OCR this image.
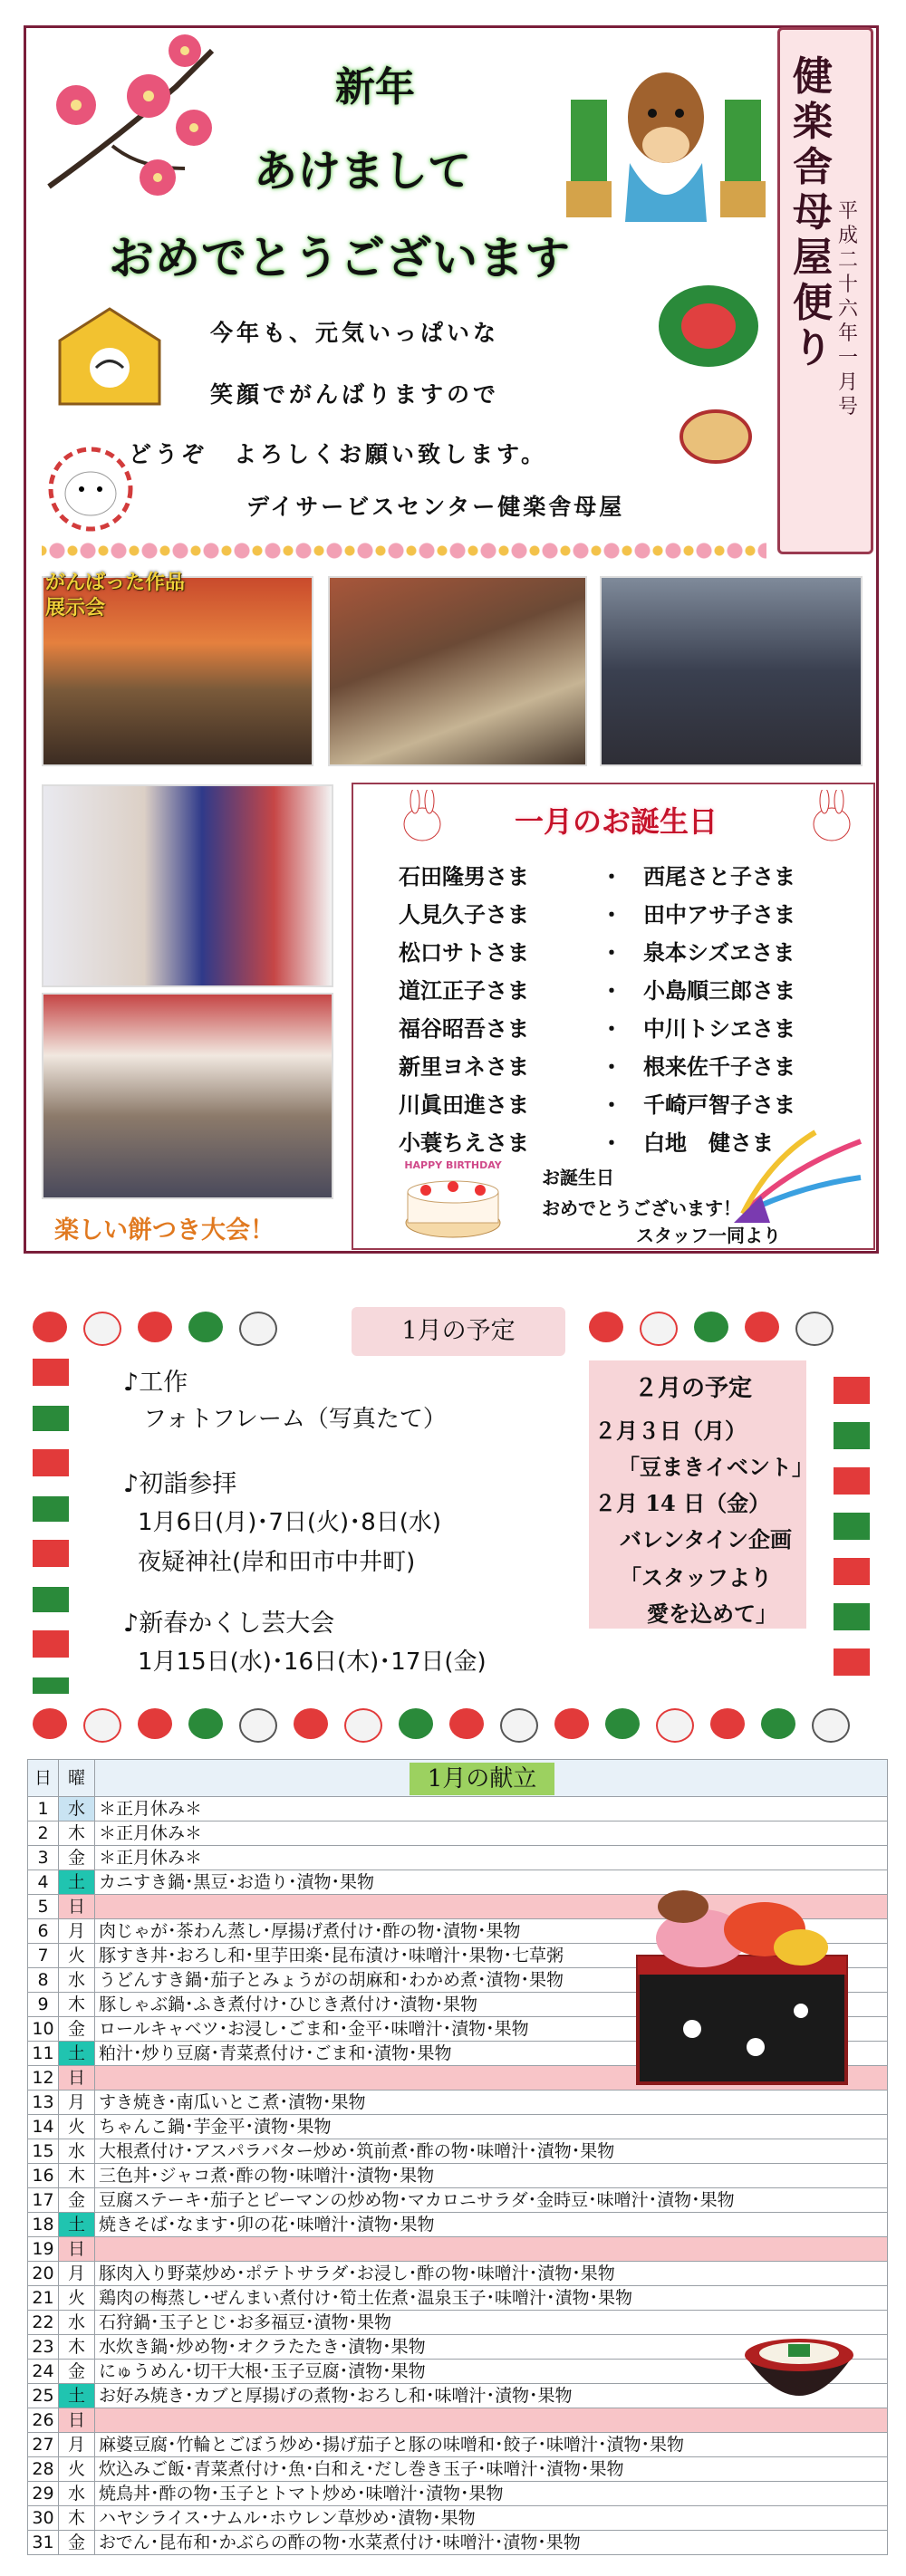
新年
あけまして
おめでとうございます
健楽舎母屋便り
平成二十六年一月号
今年も、元気いっぱいな
笑顔でがんばりますので
どうぞ　よろしくお願い致します。
デイサービスセンター健楽舎母屋
がんばった作品展示会
楽しい餅つき大会！
一月のお誕生日
石田隆男さま	・ 西尾さと子さま
人見久子さま	・ 田中アサ子さま
松口サトさま	・ 泉本シズヱさま
道江正子さま	・ 小島順三郎さま
福谷昭吾さま	・ 中川トシヱさま
新里ヨネさま	・ 根来佐千子さま
川眞田進さま	・ 千崎戸智子さま
小蓑ちえさま	・ 白地　健さま
HAPPY BIRTHDAY
お誕生日
おめでとうございます！
スタッフ一同より
1月の予定
♪工作
フォトフレーム（写真たて）
♪初詣参拝
1月6日(月)･7日(火)･8日(水)
夜疑神社(岸和田市中井町)
♪新春かくし芸大会
1月15日(水)･16日(木)･17日(金)
２月の予定
２月３日（月）
「豆まきイベント」
２月 14 日（金）
バレンタイン企画
「スタッフより
愛を込めて」
日	曜	
1	水	＊正月休み＊
2	木	＊正月休み＊
3	金	＊正月休み＊
4	土	カニすき鍋･黒豆･お造り･漬物･果物
5	日	
6	月	肉じゃが･茶わん蒸し･厚揚げ煮付け･酢の物･漬物･果物
7	火	豚すき丼･おろし和･里芋田楽･昆布漬け･味噌汁･果物･七草粥
8	水	うどんすき鍋･茄子とみょうがの胡麻和･わかめ煮･漬物･果物
9	木	豚しゃぶ鍋･ふき煮付け･ひじき煮付け･漬物･果物
10	金	ロールキャベツ･お浸し･ごま和･金平･味噌汁･漬物･果物
11	土	粕汁･炒り豆腐･青菜煮付け･ごま和･漬物･果物
12	日	
13	月	すき焼き･南瓜いとこ煮･漬物･果物
14	火	ちゃんこ鍋･芋金平･漬物･果物
15	水	大根煮付け･アスパラバター炒め･筑前煮･酢の物･味噌汁･漬物･果物
16	木	三色丼･ジャコ煮･酢の物･味噌汁･漬物･果物
17	金	豆腐ステーキ･茄子とピーマンの炒め物･マカロニサラダ･金時豆･味噌汁･漬物･果物
18	土	焼きそば･なます･卯の花･味噌汁･漬物･果物
19	日	
20	月	豚肉入り野菜炒め･ポテトサラダ･お浸し･酢の物･味噌汁･漬物･果物
21	火	鶏肉の梅蒸し･ぜんまい煮付け･筍土佐煮･温泉玉子･味噌汁･漬物･果物
22	水	石狩鍋･玉子とじ･お多福豆･漬物･果物
23	木	水炊き鍋･炒め物･オクラたたき･漬物･果物
24	金	にゅうめん･切干大根･玉子豆腐･漬物･果物
25	土	お好み焼き･カブと厚揚げの煮物･おろし和･味噌汁･漬物･果物
26	日	
27	月	麻婆豆腐･竹輪とごぼう炒め･揚げ茄子と豚の味噌和･餃子･味噌汁･漬物･果物
28	火	炊込みご飯･青菜煮付け･魚･白和え･だし巻き玉子･味噌汁･漬物･果物
29	水	焼鳥丼･酢の物･玉子とトマト炒め･味噌汁･漬物･果物
30	木	ハヤシライス･ナムル･ホウレン草炒め･漬物･果物
31	金	おでん･昆布和･かぶらの酢の物･水菜煮付け･味噌汁･漬物･果物
1月の献立
